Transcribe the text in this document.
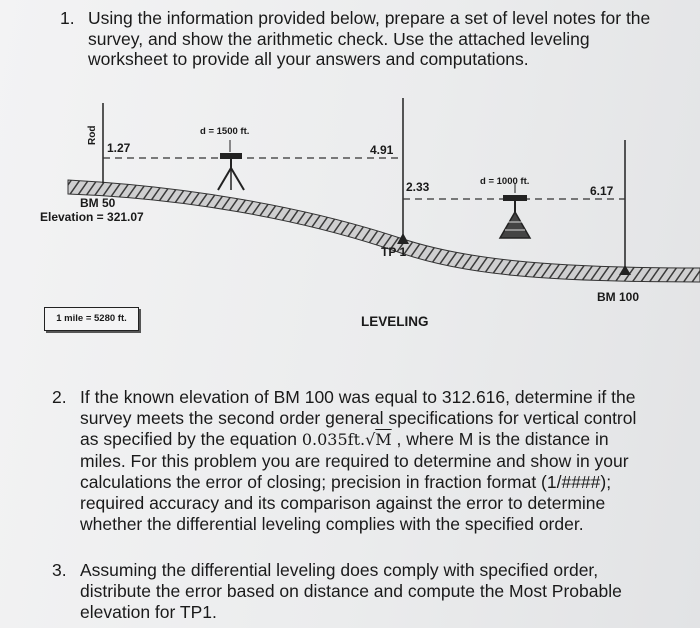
1. Using the information provided below, prepare a set of level notes for the
survey, and show the arithmetic check. Use the attached leveling
worksheet to provide all your answers and computations.
Rod
1.27
d = 1500 ft.
4.91
2.33	d = 1000 ft.
6.17
BM 50
Elevation = 321.07
TP 1
BM 100
1 mile = 5280 ft.	LEVELING
2. If the known elevation of BM 100 was equal to 312.616, determine if the
survey meets the second order general specifications for vertical control
as specified by the equation 0.035ft.√M , where M is the distance in
miles. For this problem you are required to determine and show in your
calculations the error of closing; precision in fraction format (1/####);
required accuracy and its comparison against the error to determine
whether the differential leveling complies with the specified order.
3. Assuming the differential leveling does comply with specified order,
distribute the error based on distance and compute the Most Probable
elevation for TP1.
